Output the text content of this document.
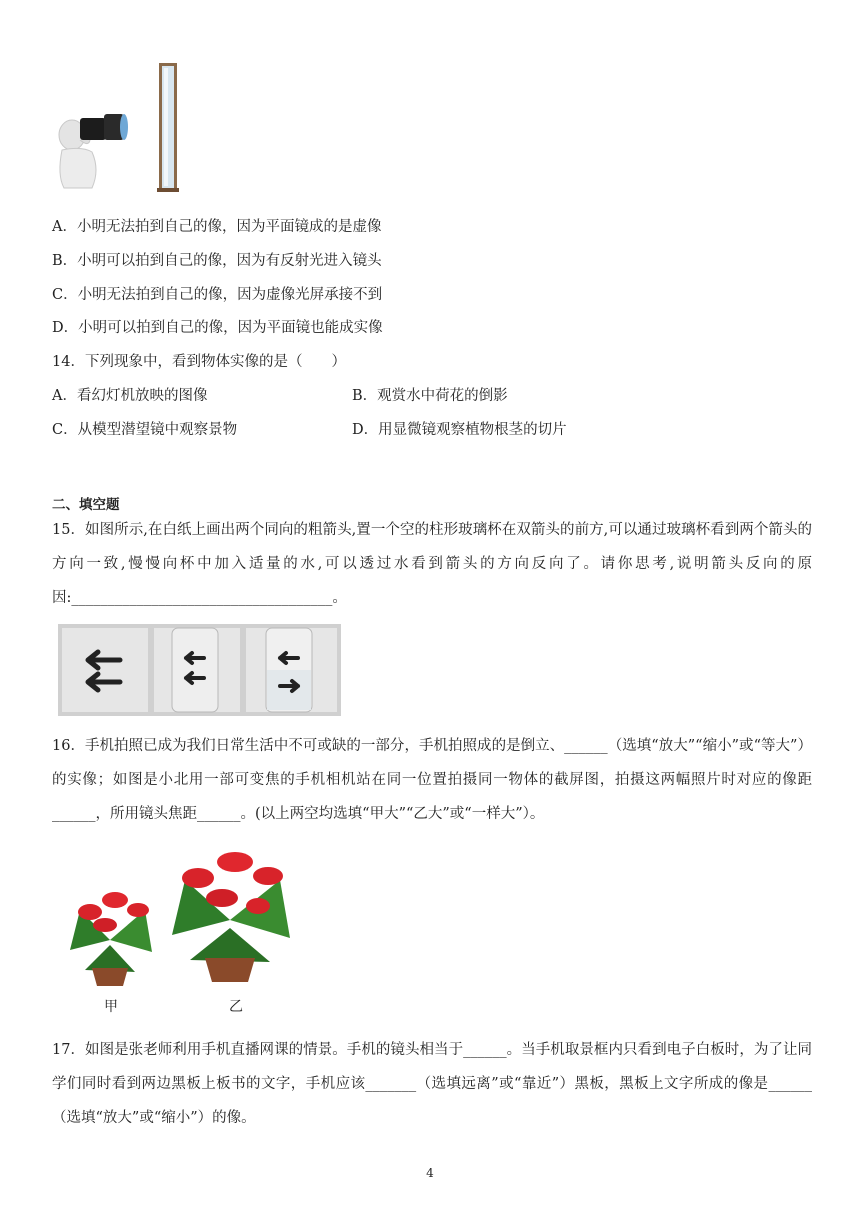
A．小明无法拍到自己的像，因为平面镜成的是虚像
B．小明可以拍到自己的像，因为有反射光进入镜头
C．小明无法拍到自己的像，因为虚像光屏承接不到
D．小明可以拍到自己的像，因为平面镜也能成实像
14．下列现象中，看到物体实像的是（　　）
A．看幻灯机放映的图像	B．观赏水中荷花的倒影
C．从模型潜望镜中观察景物	D．用显微镜观察植物根茎的切片
二、填空题
15．如图所示,在白纸上画出两个同向的粗箭头,置一个空的柱形玻璃杯在双箭头的前方,可以通过玻璃杯看到两个箭头的方向一致,慢慢向杯中加入适量的水,可以透过水看到箭头的方向反向了。请你思考,说明箭头反向的原因:____________________________________。
16．手机拍照已成为我们日常生活中不可或缺的一部分，手机拍照成的是倒立、______（选填“放大”“缩小”或“等大”）的实像；如图是小北用一部可变焦的手机相机站在同一位置拍摄同一物体的截屏图，拍摄这两幅照片时对应的像距______，所用镜头焦距______。(以上两空均选填“甲大”“乙大”或“一样大”）。
甲	乙
17．如图是张老师利用手机直播网课的情景。手机的镜头相当于______。当手机取景框内只看到电子白板时，为了让同学们同时看到两边黑板上板书的文字，手机应该_______（选填远离”或“靠近”）黑板，黑板上文字所成的像是______（选填“放大”或“缩小”）的像。
4
